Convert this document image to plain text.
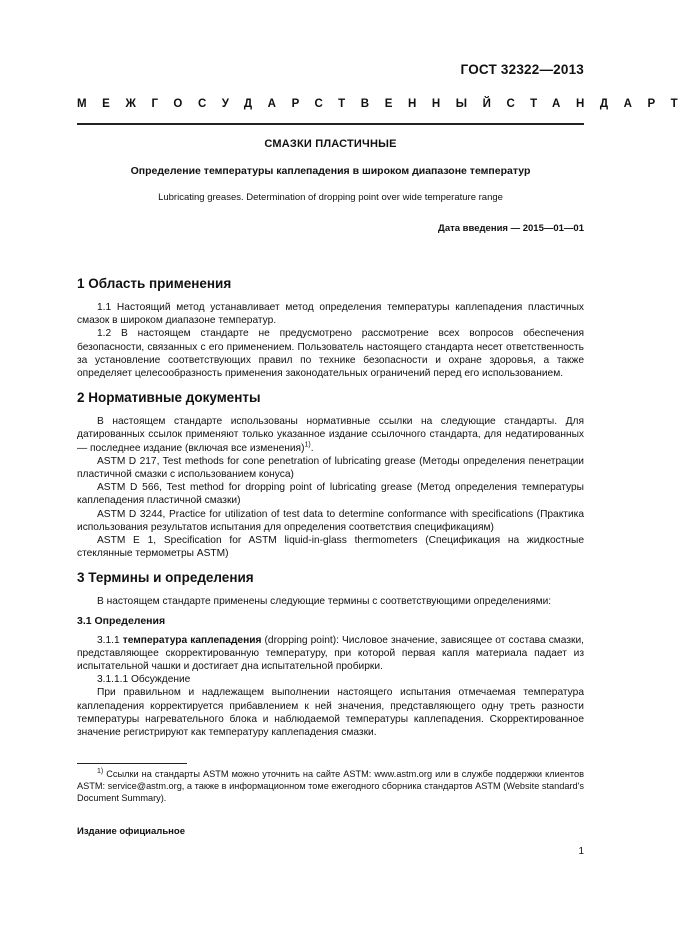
ГОСТ 32322—2013
МЕЖГОСУДАРСТВЕННЫЙ СТАНДАРТ
СМАЗКИ ПЛАСТИЧНЫЕ
Определение температуры каплепадения в широком диапазоне температур
Lubricating greases. Determination of dropping point over wide temperature range
Дата введения — 2015—01—01
1 Область применения

1.1 Настоящий метод устанавливает метод определения температуры каплепадения пластичных смазок в широком диапазоне температур.

1.2 В настоящем стандарте не предусмотрено рассмотрение всех вопросов обеспечения безопасности, связанных с его применением. Пользователь настоящего стандарта несет ответственность за установление соответствующих правил по технике безопасности и охране здоровья, а также определяет целесообразность применения законодательных ограничений перед его использованием.

2 Нормативные документы

В настоящем стандарте использованы нормативные ссылки на следующие стандарты. Для датированных ссылок применяют только указанное издание ссылочного стандарта, для недатированных — последнее издание (включая все изменения)$^{1)}$.

ASTM D 217, Test methods for cone penetration of lubricating grease (Методы определения пенетрации пластичной смазки с использованием конуса)

ASTM D 566, Test method for dropping point of lubricating grease (Метод определения температуры каплепадения пластичной смазки)

ASTM D 3244, Practice for utilization of test data to determine conformance with specifications (Практика использования результатов испытания для определения соответствия спецификациям)

ASTM E 1, Specification for ASTM liquid-in-glass thermometers (Спецификация на жидкостные стеклянные термометры ASTM)

3 Термины и определения

В настоящем стандарте применены следующие термины с соответствующими определениями:

3.1 Определения

3.1.1 температура каплепадения (dropping point): Числовое значение, зависящее от состава смазки, представляющее скорректированную температуру, при которой первая капля материала падает из испытательной чашки и достигает дна испытательной пробирки.

3.1.1.1 Обсуждение

При правильном и надлежащем выполнении настоящего испытания отмечаемая температура каплепадения корректируется прибавлением к ней значения, представляющего одну треть разности температуры нагревательного блока и наблюдаемой температуры каплепадения. Скорректированное значение регистрируют как температуру каплепадения смазки.

$^{1)}$ Ссылки на стандарты ASTM можно уточнить на сайте ASTM: www.astm.org или в службе поддержки клиентов ASTM: service@astm.org, а также в информационном томе ежегодного сборника стандартов ASTM (Website standard's Document Summary).
Издание официальное
1
